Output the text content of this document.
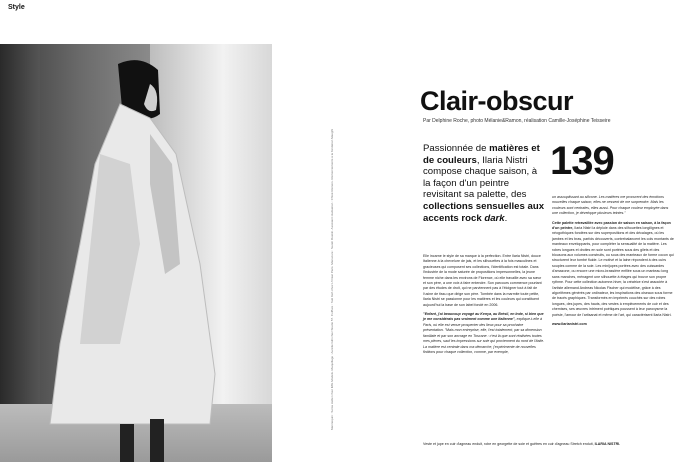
Style
Mannequin : Sonia Heller chez IMG Models. Maquillage : Aurélie Gilli chez Studio 57. Coiffure : Taki Keh chez L'Oréal Paris. Manucure : Sarah Ruskin. Assistant réalisation : Chloé Reiners. Remerciements à la fondation Maeght
Clair-obscur
Par Delphine Roche, photo Mélanie&Ramon, réalisation Camille-Joséphine Teisseire
Passionnée de matières et de couleurs, Ilaria Nistri compose chaque saison, à la façon d'un peintre revisitant sa palette, des collections sensuelles aux accents rock dark.
139

Elle incarne le style de sa marque à la perfection. Entre Ilaria Nistri, douce Italienne à la chevelure de jais, et les silhouettes à la fois masculines et gracieuses qui composent ses collections, l'identification est totale. Dans l'industrie de la mode saturée de propositions impersonnelles, la jeune femme niche dans les environs de Florence, où elle travaille avec sa sœur et son père, a une voix à faire entendre. Son parcours commence pourtant par des études de droit, qui ne parviennent pas à l'éloigner tout à fait de l'usine de tissu que dirige son père. Tombée dans la marmite toute petite, Ilaria Nistri se passionne pour les matières et les couleurs qui constituent aujourd'hui la base de son label fondé en 2006.

"Enfant, j'ai beaucoup voyagé au Kenya, au Brésil, en Inde, si bien que je me considérais pas vraiment comme une Italienne", explique-t-elle à Paris, où elle est venue prospecter des lieux pour sa prochaine présentation. "Mais mon entreprise, elle, l'est totalement, par sa dimension familiale et par son ancrage en Toscane : c'est là que sont réalisées toutes mes pièces, sauf les impressions sur soie qui proviennent du nord de l'Italie. La matière est centrale dans ma démarche, j'expérimente de nouvelles finitions pour chaque collection, comme, par exemple,

un assouplissant au silicone. Les matières me procurent des émotions nouvelles chaque saison, elles ne cessent de me surprendre. Mais les couleurs sont centrales, elles aussi. Pour chaque couleur employée dans une collection, je développe plusieurs teintes."

Cette palette retravaillée avec passion de saison en saison, à la façon d'un peintre, Ilaria Nistri la déploie dans des silhouettes longilignes et néogothiques fondées sur des superpositions et des décalages, où les jambes et les bras, parfois découverts, contrebalancent les cols montants de manteaux enveloppants, pour compléter la sensualité de la matière. Les robes longues et droites en soie sont portées sous des gilets et des blousons aux volumes construits, ou sous des manteaux de forme cocon qui structurent leur tombé fluide. Le motivé et la laine répondent à des cuirs souples comme de la soie. Les minijupes portées avec des cuissardes d'amazone, ou encore une micro-brassière enfilée sous un manteau long sans manches, ménagent une silhouette à étages qui trouve son propre rythme. Pour cette collection automne-hiver, la créatrice s'est associée à l'artiste allemand Andreas Nicolas Fischer qui modélise, grâce à des algorithmes générés par ordinateur, les inspirations des oiseaux sous forme de tracés graphiques. Transformés en imprimés couchés sur des robes longues, des jupes, des hauts, des vestes à empiècements de cuir et des chemises, ses œuvres intriment poétiques poussent à leur paroxysme la poésie, l'amour de l'artisanat et même de l'art, qui caractérisent Ilaria Nistri.

www.ilarianistri.com

Veste et jupe en cuir d'agneau enduit, robe en georgette de soie et guêtres en cuir d'agneau Stretch enduit, ILARIA NISTRI.
